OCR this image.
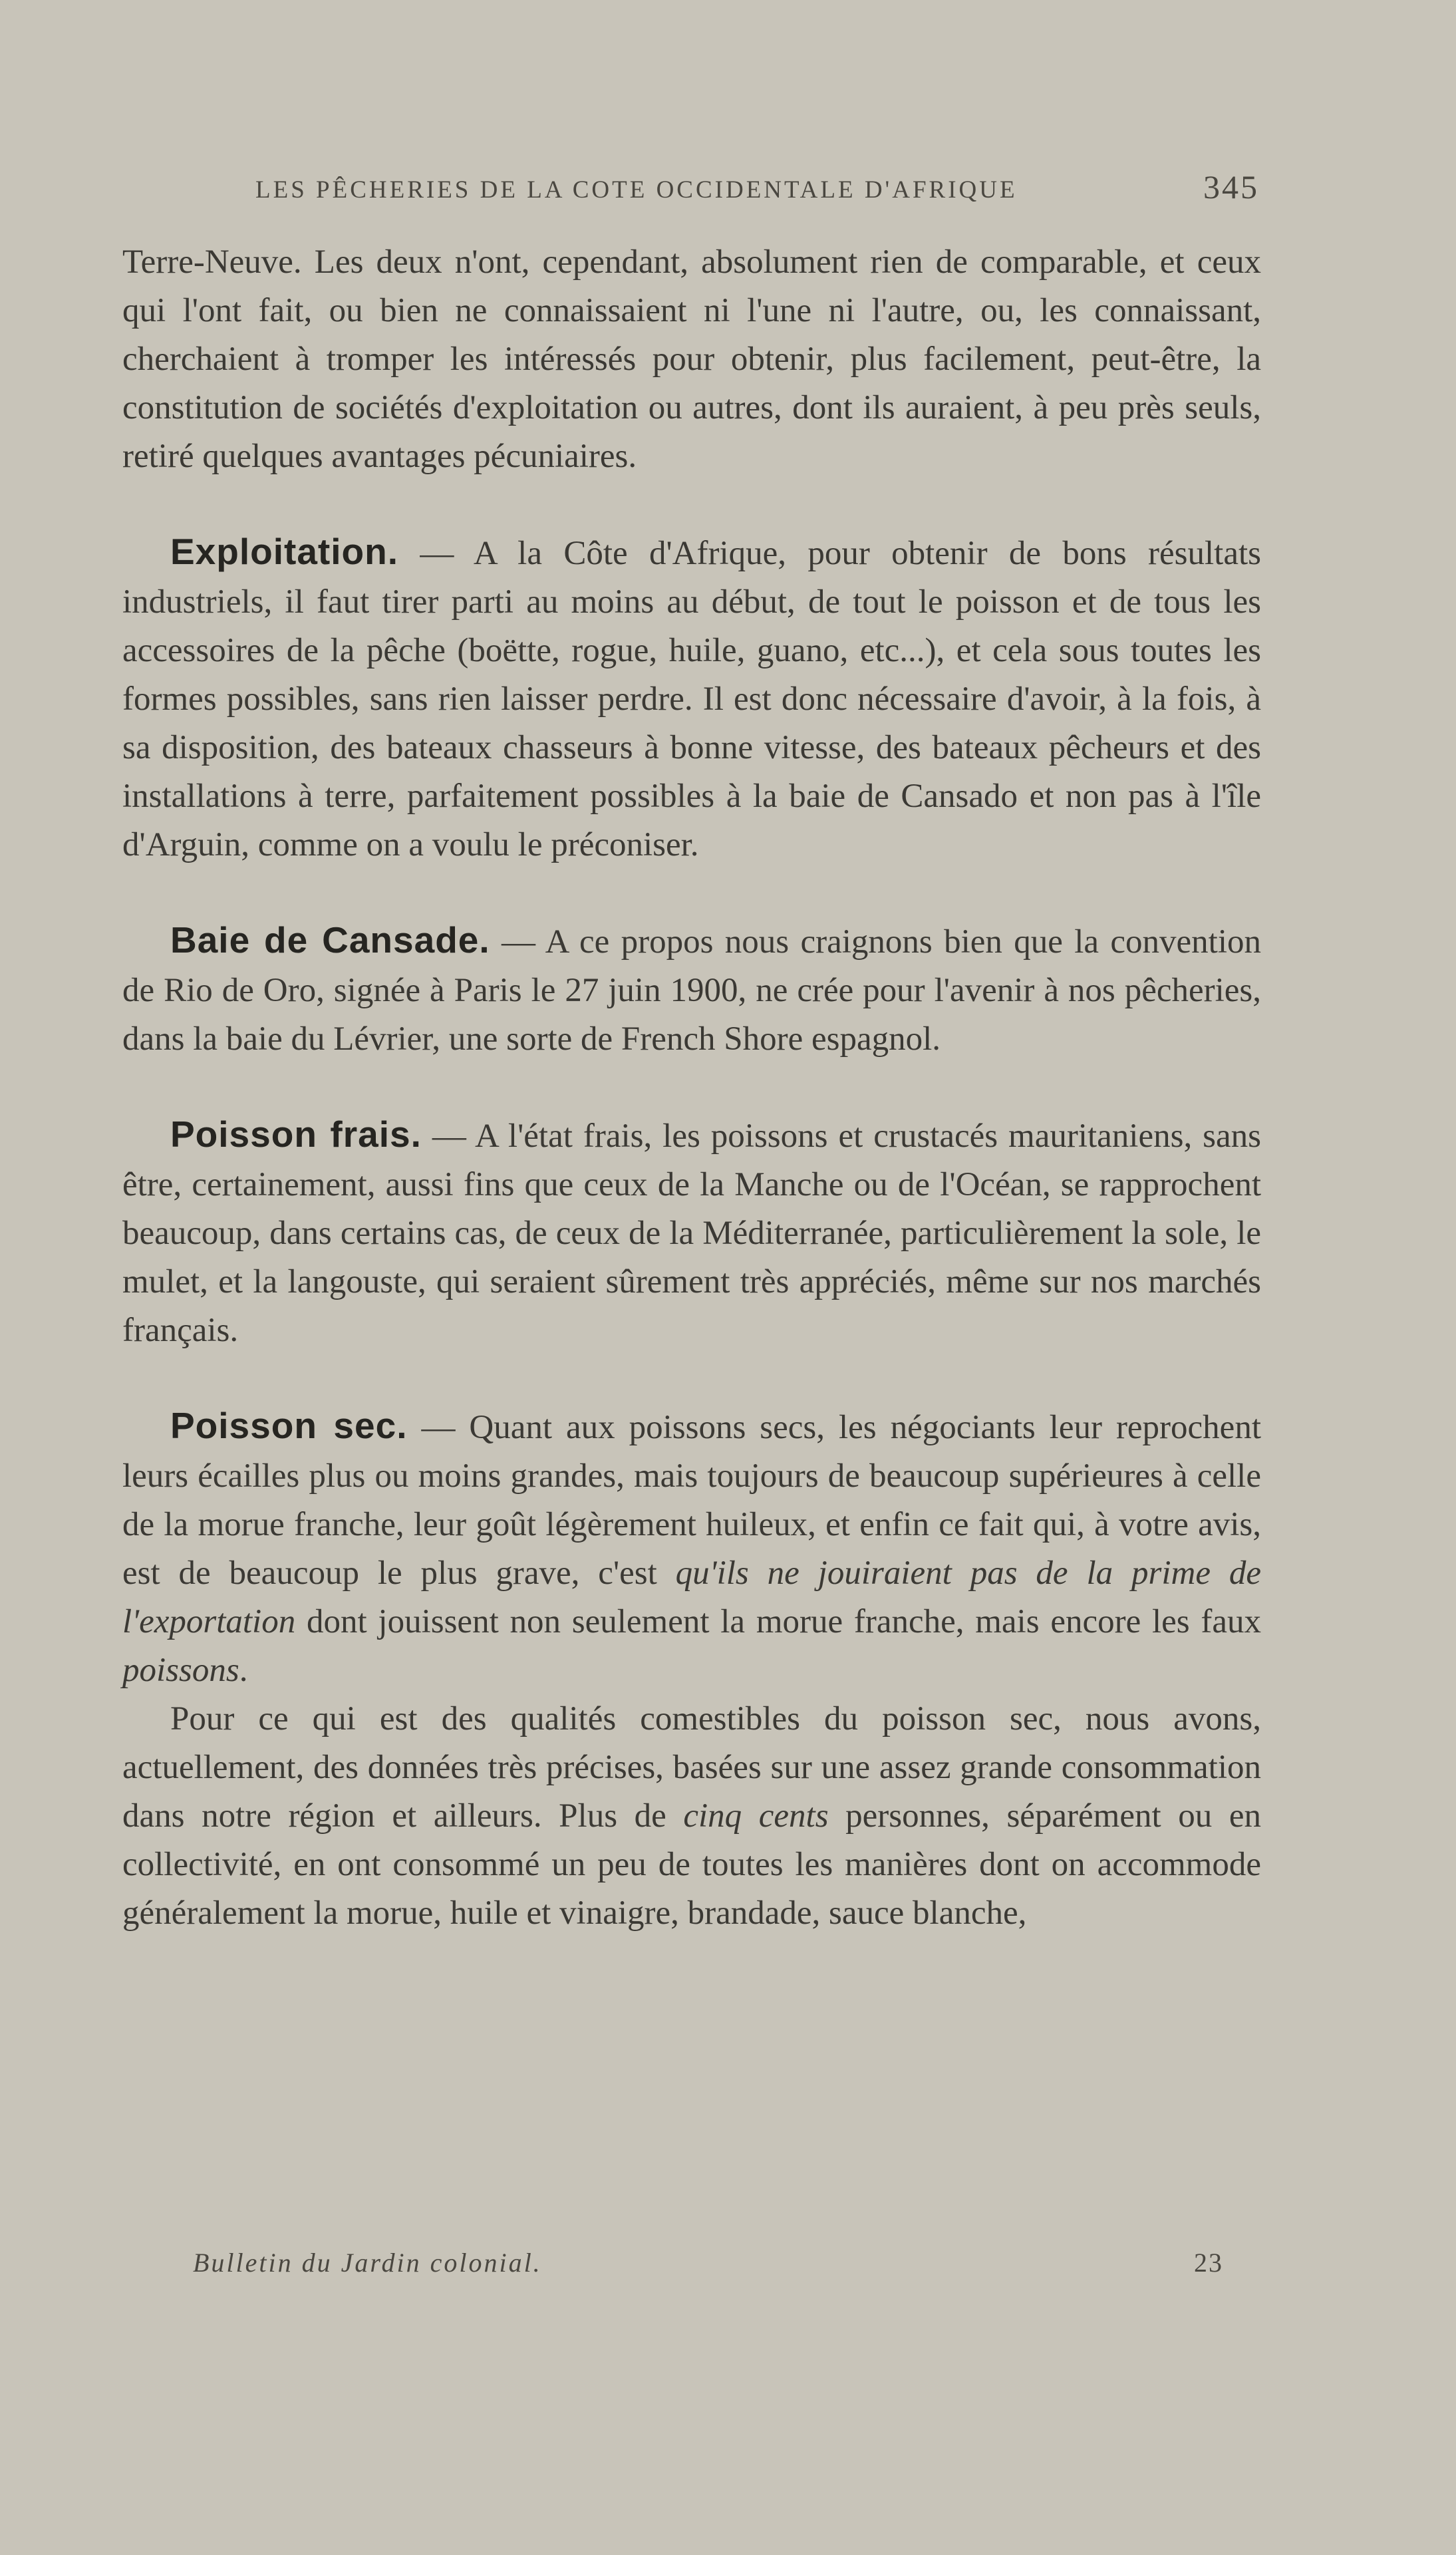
LES PÊCHERIES DE LA COTE OCCIDENTALE D'AFRIQUE	345

Terre-Neuve. Les deux n'ont, cependant, absolument rien de comparable, et ceux qui l'ont fait, ou bien ne connaissaient ni l'une ni l'autre, ou, les connaissant, cherchaient à tromper les intéressés pour obtenir, plus facilement, peut-être, la constitution de sociétés d'exploitation ou autres, dont ils auraient, à peu près seuls, retiré quelques avantages pécuniaires.

Exploitation. — A la Côte d'Afrique, pour obtenir de bons résultats industriels, il faut tirer parti au moins au début, de tout le poisson et de tous les accessoires de la pêche (boëtte, rogue, huile, guano, etc...), et cela sous toutes les formes possibles, sans rien laisser perdre. Il est donc nécessaire d'avoir, à la fois, à sa disposition, des bateaux chasseurs à bonne vitesse, des bateaux pêcheurs et des installations à terre, parfaitement possibles à la baie de Cansado et non pas à l'île d'Arguin, comme on a voulu le préconiser.

Baie de Cansade. — A ce propos nous craignons bien que la convention de Rio de Oro, signée à Paris le 27 juin 1900, ne crée pour l'avenir à nos pêcheries, dans la baie du Lévrier, une sorte de French Shore espagnol.

Poisson frais. — A l'état frais, les poissons et crustacés mauritaniens, sans être, certainement, aussi fins que ceux de la Manche ou de l'Océan, se rapprochent beaucoup, dans certains cas, de ceux de la Méditerranée, particulièrement la sole, le mulet, et la langouste, qui seraient sûrement très appréciés, même sur nos marchés français.

Poisson sec. — Quant aux poissons secs, les négociants leur reprochent leurs écailles plus ou moins grandes, mais toujours de beaucoup supérieures à celle de la morue franche, leur goût légèrement huileux, et enfin ce fait qui, à votre avis, est de beaucoup le plus grave, c'est qu'ils ne jouiraient pas de la prime de l'exportation dont jouissent non seulement la morue franche, mais encore les faux poissons.

Pour ce qui est des qualités comestibles du poisson sec, nous avons, actuellement, des données très précises, basées sur une assez grande consommation dans notre région et ailleurs. Plus de cinq cents personnes, séparément ou en collectivité, en ont consommé un peu de toutes les manières dont on accommode généralement la morue, huile et vinaigre, brandade, sauce blanche,

Bulletin du Jardin colonial.	23
